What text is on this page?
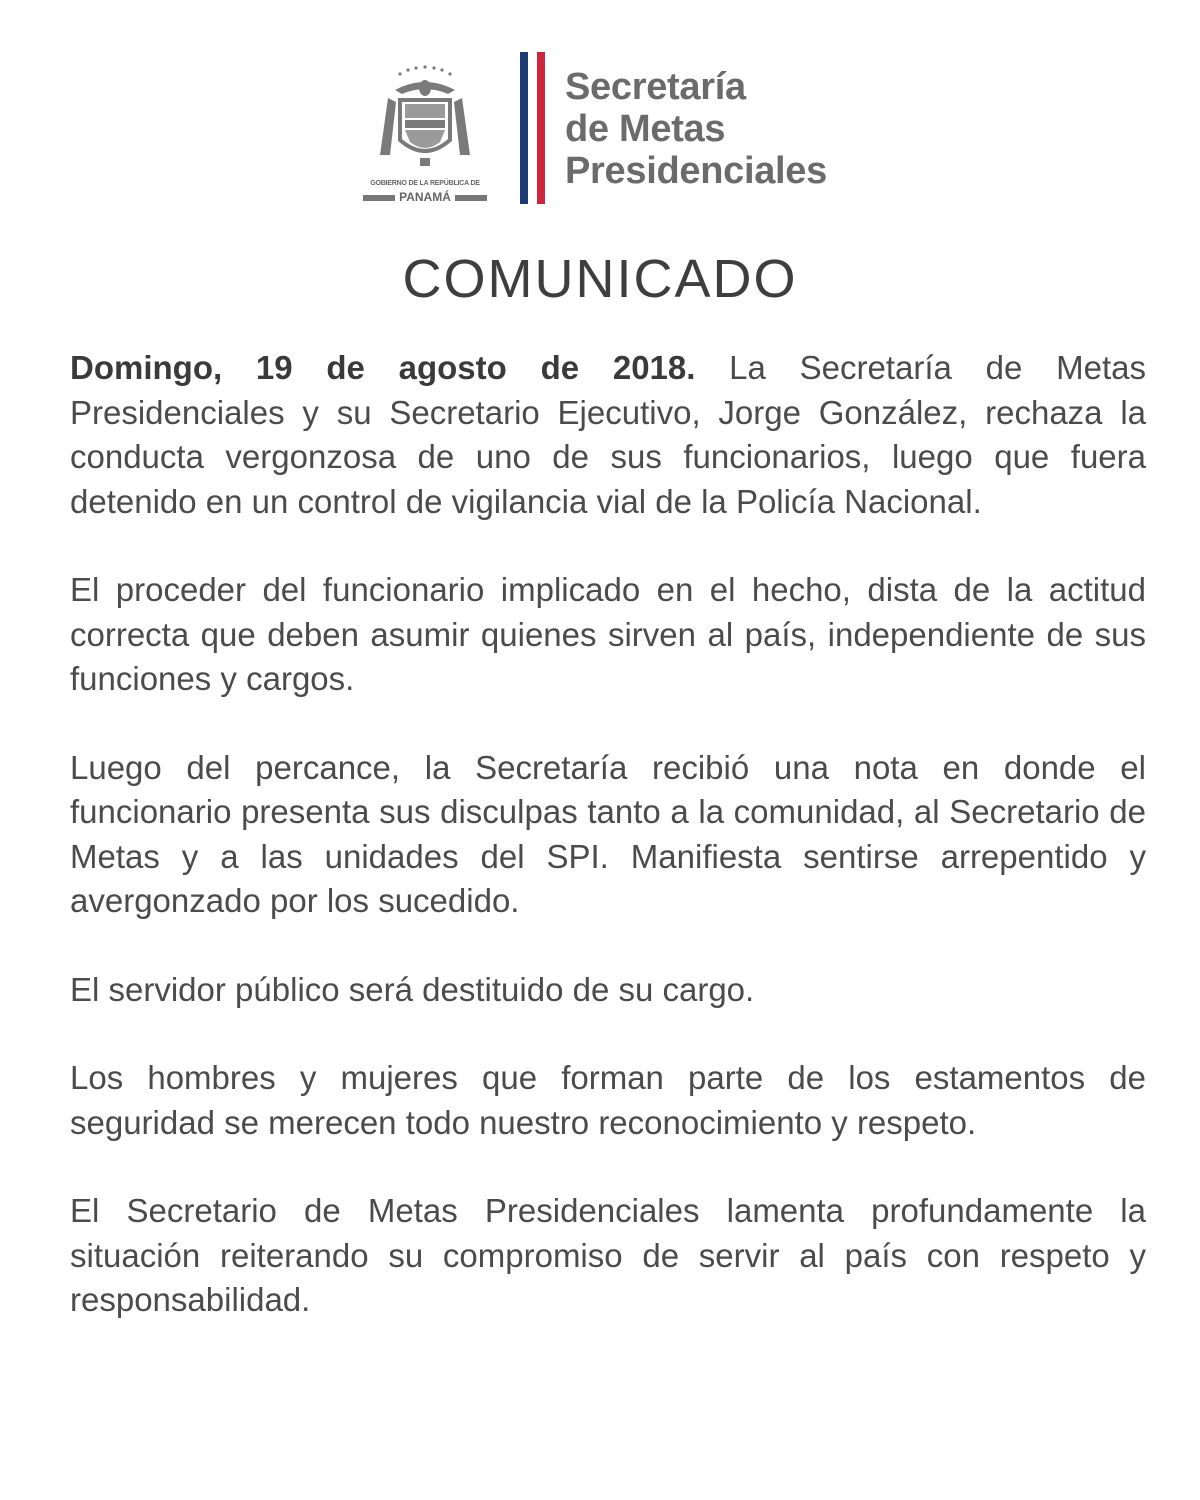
GOBIERNO DE LA REPÚBLICA DE
PANAMÁ
Secretaría
de Metas
Presidenciales
COMUNICADO

Domingo, 19 de agosto de 2018. La Secretaría de Metas Presidenciales y su Secretario Ejecutivo, Jorge González, rechaza la conducta vergonzosa de uno de sus funcionarios, luego que fuera detenido en un control de vigilancia vial de la Policía Nacional.

El proceder del funcionario implicado en el hecho, dista de la actitud correcta que deben asumir quienes sirven al país, independiente de sus funciones y cargos.

Luego del percance, la Secretaría recibió una nota en donde el funcionario presenta sus disculpas tanto a la comunidad, al Secretario de Metas y a las unidades del SPI. Manifiesta sentirse arrepentido y avergonzado por los sucedido.

El servidor público será destituido de su cargo.

Los hombres y mujeres que forman parte de los estamentos de seguridad se merecen todo nuestro reconocimiento y respeto.

El Secretario de Metas Presidenciales lamenta profundamente la situación reiterando su compromiso de servir al país con respeto y responsabilidad.
